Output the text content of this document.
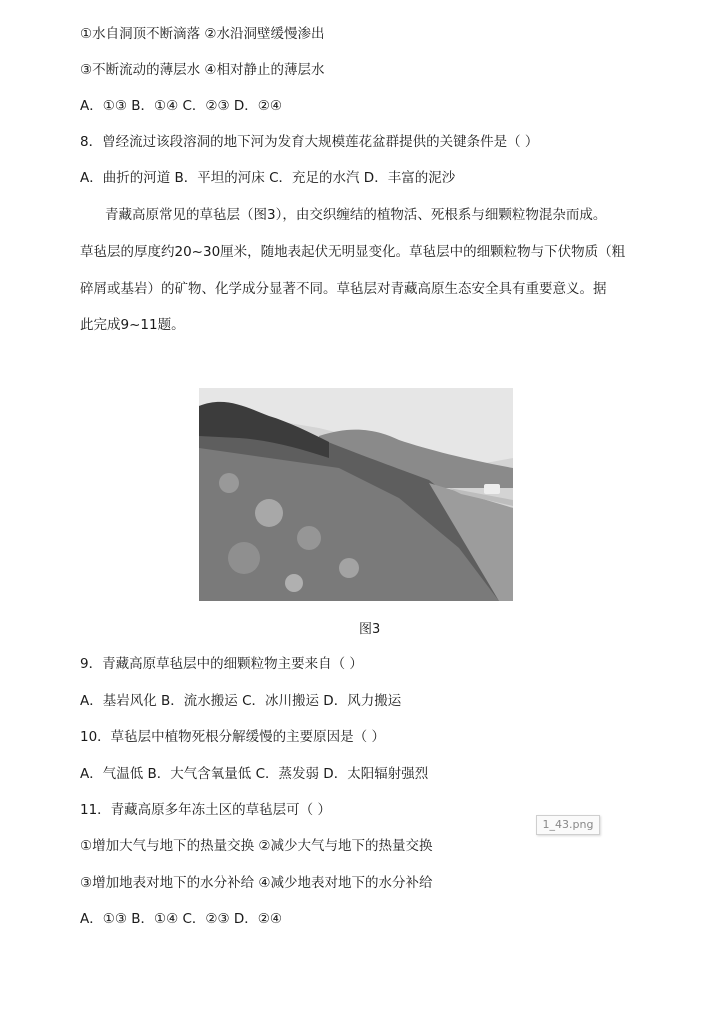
①水自洞顶不断滴落 ②水沿洞壁缓慢渗出
③不断流动的薄层水 ④相对静止的薄层水
A．①③ B．①④ C．②③ D．②④
8．曾经流过该段溶洞的地下河为发育大规模莲花盆群提供的关键条件是（ ）
A．曲折的河道 B．平坦的河床 C．充足的水汽 D．丰富的泥沙
青藏高原常见的草毡层（图3），由交织缠结的植物活、死根系与细颗粒物混杂而成。
草毡层的厚度约20~30厘米，随地表起伏无明显变化。草毡层中的细颗粒物与下伏物质（粗
碎屑或基岩）的矿物、化学成分显著不同。草毡层对青藏高原生态安全具有重要意义。据
此完成9~11题。
图3
9．青藏高原草毡层中的细颗粒物主要来自（ ）
A．基岩风化 B．流水搬运 C．冰川搬运 D．风力搬运
10．草毡层中植物死根分解缓慢的主要原因是（ ）
A．气温低 B．大气含氧量低 C．蒸发弱 D．太阳辐射强烈
11．青藏高原多年冻土区的草毡层可（ ）
①增加大气与地下的热量交换 ②减少大气与地下的热量交换
③增加地表对地下的水分补给 ④减少地表对地下的水分补给
A．①③ B．①④ C．②③ D．②④
1_43.png
